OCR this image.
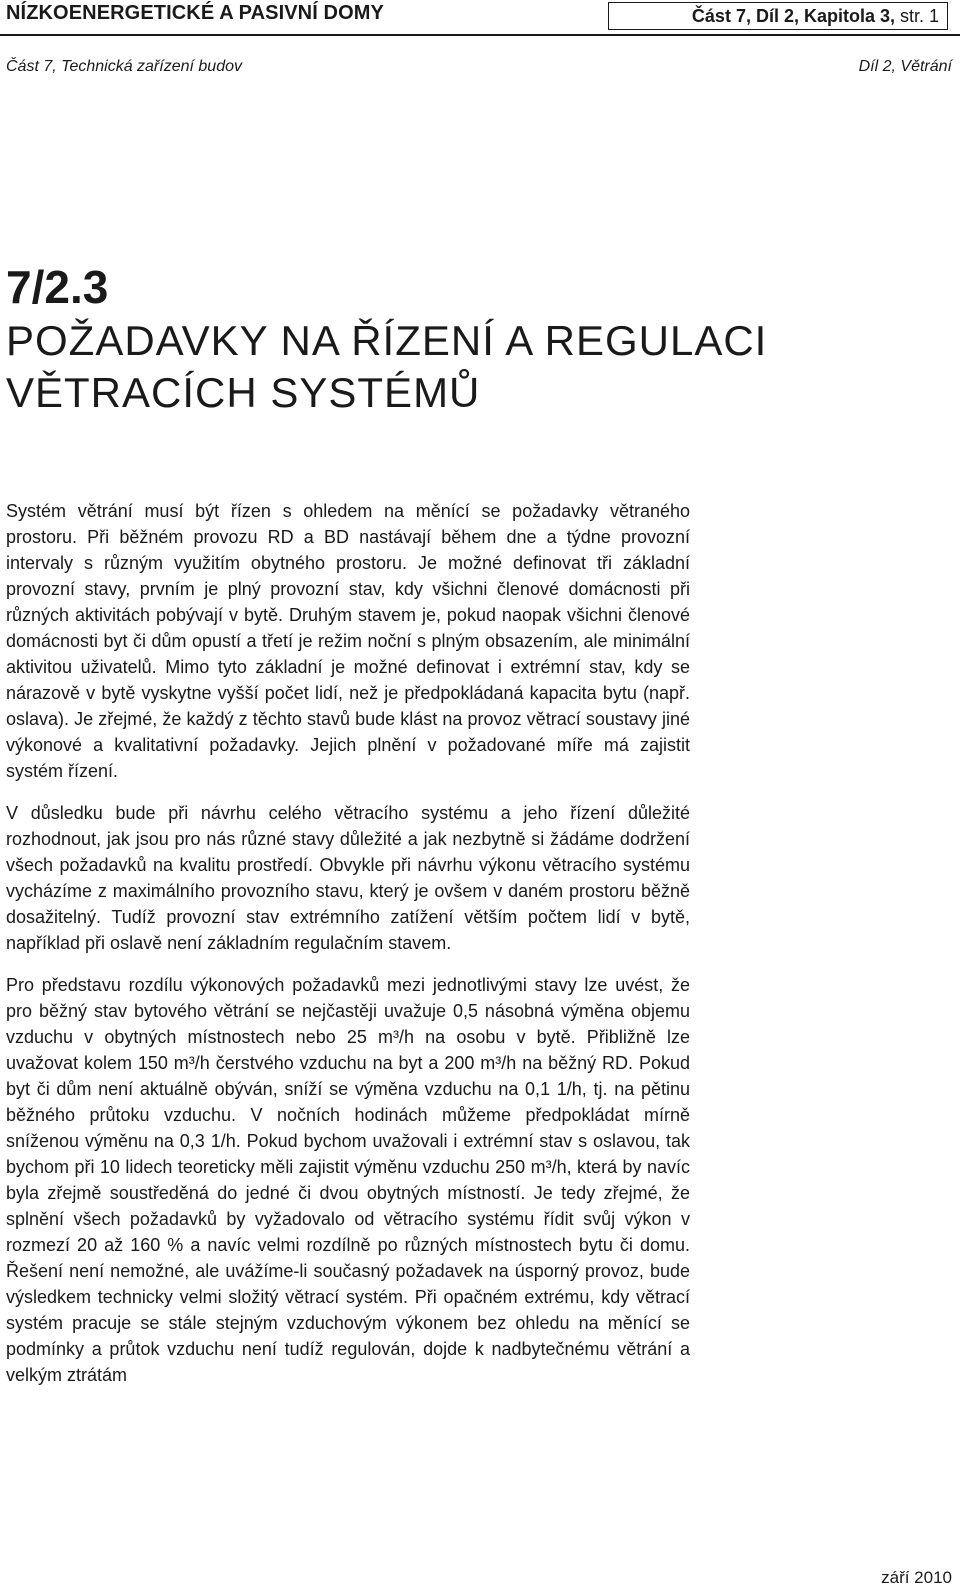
NÍZKOENERGETICKÉ A PASIVNÍ DOMY	Část 7, Díl 2, Kapitola 3, str. 1
Část 7, Technická zařízení budov	Díl 2, Větrání
7/2.3
POŽADAVKY NA ŘÍZENÍ A REGULACI
VĚTRACÍCH SYSTÉMŮ

Systém větrání musí být řízen s ohledem na měnící se požadavky větraného prostoru. Při běžném provozu RD a BD nastávají během dne a týdne provozní intervaly s různým využitím obytného prostoru. Je možné definovat tři základní provozní stavy, prvním je plný provozní stav, kdy všichni členové domácnosti při různých aktivitách pobývají v bytě. Druhým stavem je, pokud naopak všichni členové domácnosti byt či dům opustí a třetí je režim noční s plným obsazením, ale minimální aktivitou uživatelů. Mimo tyto základní je možné definovat i extrémní stav, kdy se nárazově v bytě vyskytne vyšší počet lidí, než je předpokládaná kapacita bytu (např. oslava). Je zřejmé, že každý z těchto stavů bude klást na provoz větrací soustavy jiné výkonové a kvalitativní požadavky. Jejich plnění v požadované míře má zajistit systém řízení.

V důsledku bude při návrhu celého větracího systému a jeho řízení důležité rozhodnout, jak jsou pro nás různé stavy důležité a jak nezbytně si žádáme dodržení všech požadavků na kvalitu prostředí. Obvykle při návrhu výkonu větracího systému vycházíme z maximálního provozního stavu, který je ovšem v daném prostoru běžně dosažitelný. Tudíž provozní stav extrémního zatížení větším počtem lidí v bytě, například při oslavě není základním regulačním stavem.

Pro představu rozdílu výkonových požadavků mezi jednotlivými stavy lze uvést, že pro běžný stav bytového větrání se nejčastěji uvažuje 0,5 násobná výměna objemu vzduchu v obytných místnostech nebo 25 m³/h na osobu v bytě. Přibližně lze uvažovat kolem 150 m³/h čerstvého vzduchu na byt a 200 m³/h na běžný RD. Pokud byt či dům není aktuálně obýván, sníží se výměna vzduchu na 0,1 1/h, tj. na pětinu běžného průtoku vzduchu. V nočních hodinách můžeme předpokládat mírně sníženou výměnu na 0,3 1/h. Pokud bychom uvažovali i extrémní stav s oslavou, tak bychom při 10 lidech teoreticky měli zajistit výměnu vzduchu 250 m³/h, která by navíc byla zřejmě soustředěná do jedné či dvou obytných místností. Je tedy zřejmé, že splnění všech požadavků by vyžadovalo od větracího systému řídit svůj výkon v rozmezí 20 až 160 % a navíc velmi rozdílně po různých místnostech bytu či domu. Řešení není nemožné, ale uvážíme-li současný požadavek na úsporný provoz, bude výsledkem technicky velmi složitý větrací systém. Při opačném extrému, kdy větrací systém pracuje se stále stejným vzduchovým výkonem bez ohledu na měnící se podmínky a průtok vzduchu není tudíž regulován, dojde k nadbytečnému větrání a velkým ztrátám

září 2010
